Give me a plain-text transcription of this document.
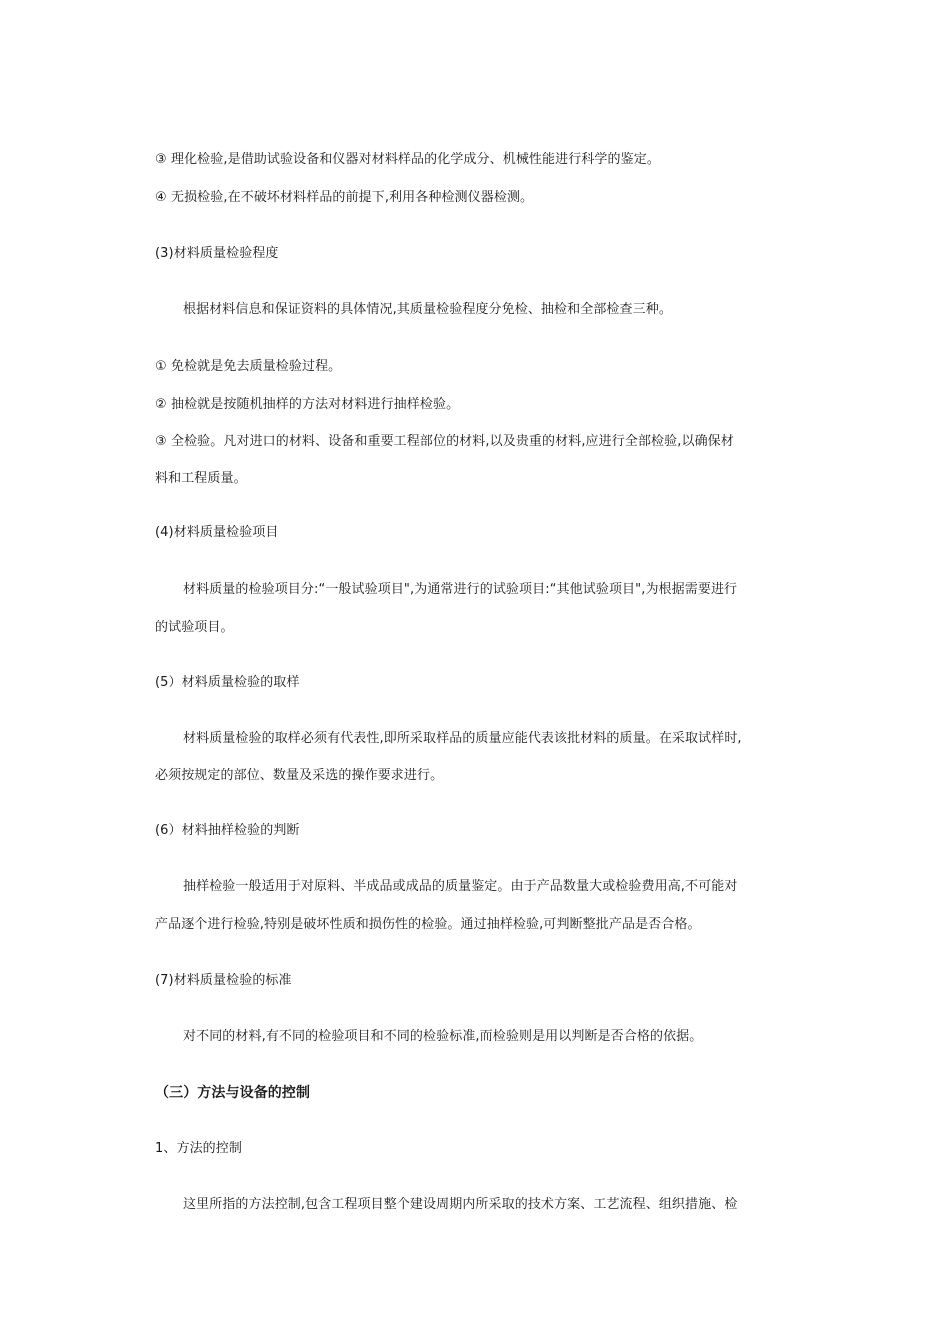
③ 理化检验,是借助试验设备和仪器对材料样品的化学成分、机械性能进行科学的鉴定。
④ 无损检验,在不破坏材料样品的前提下,利用各种检测仪器检测。
(3)材料质量检验程度
根据材料信息和保证资料的具体情况,其质量检验程度分免检、抽检和全部检查三种。
① 免检就是免去质量检验过程。
② 抽检就是按随机抽样的方法对材料进行抽样检验。
③ 全检验。凡对进口的材料、设备和重要工程部位的材料,以及贵重的材料,应进行全部检验,以确保材
料和工程质量。
(4)材料质量检验项目
材料质量的检验项目分:“一般试验项目",为通常进行的试验项目:“其他试验项目",为根据需要进行
的试验项目。
(5）材料质量检验的取样
材料质量检验的取样必须有代表性,即所采取样品的质量应能代表该批材料的质量。在采取试样时,
必须按规定的部位、数量及采选的操作要求进行。
(6）材料抽样检验的判断
抽样检验一般适用于对原料、半成品或成品的质量鉴定。由于产品数量大或检验费用高,不可能对
产品逐个进行检验,特别是破坏性质和损伤性的检验。通过抽样检验,可判断整批产品是否合格。
(7)材料质量检验的标准
对不同的材料,有不同的检验项目和不同的检验标准,而检验则是用以判断是否合格的依据。
（三）方法与设备的控制
1、方法的控制
这里所指的方法控制,包含工程项目整个建设周期内所采取的技术方案、工艺流程、组织措施、检
